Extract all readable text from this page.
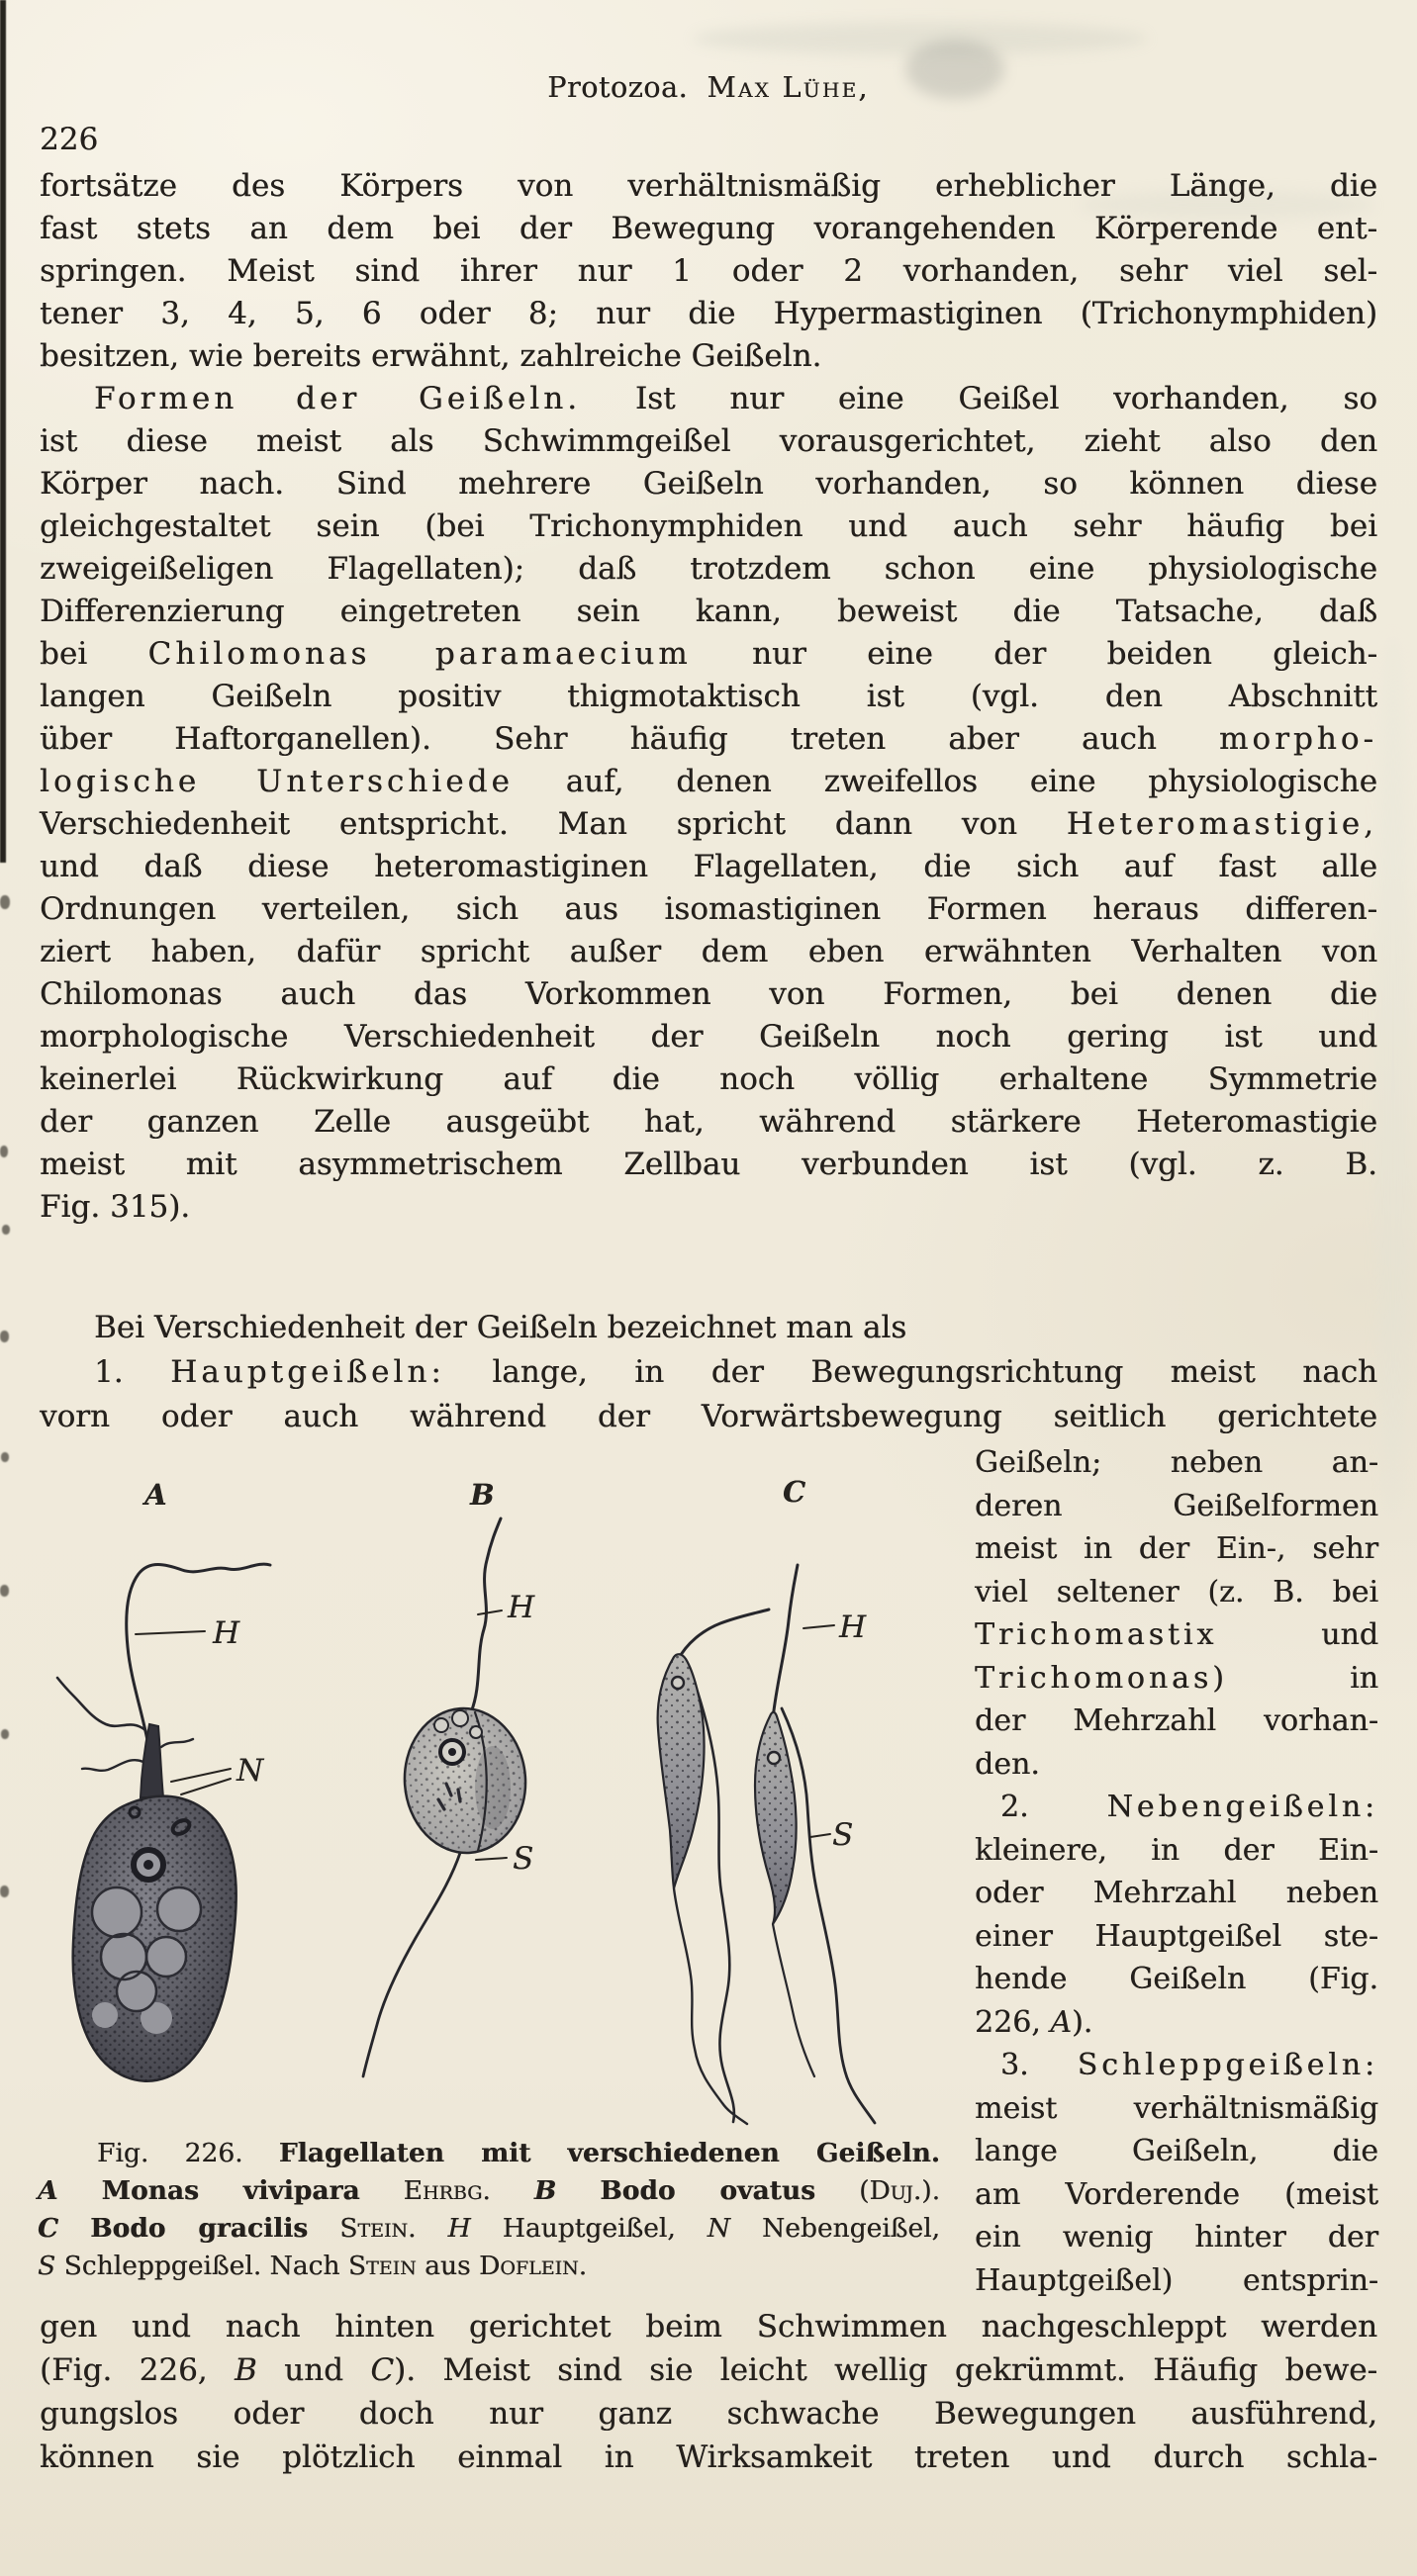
Protozoa. Max Lühe,
226
fortsätze des Körpers von verhältnismäßig erheblicher Länge, die
fast stets an dem bei der Bewegung vorangehenden Körperende ent-
springen. Meist sind ihrer nur 1 oder 2 vorhanden, sehr viel sel-
tener 3, 4, 5, 6 oder 8; nur die Hypermastiginen (Trichonymphiden)
besitzen, wie bereits erwähnt, zahlreiche Geißeln.
Formen der Geißeln. Ist nur eine Geißel vorhanden, so
ist diese meist als Schwimmgeißel vorausgerichtet, zieht also den
Körper nach. Sind mehrere Geißeln vorhanden, so können diese
gleichgestaltet sein (bei Trichonymphiden und auch sehr häufig bei
zweigeißeligen Flagellaten); daß trotzdem schon eine physiologische
Differenzierung eingetreten sein kann, beweist die Tatsache, daß
bei Chilomonas paramaecium nur eine der beiden gleich-
langen Geißeln positiv thigmotaktisch ist (vgl. den Abschnitt
über Haftorganellen). Sehr häufig treten aber auch morpho-
logische Unterschiede auf, denen zweifellos eine physiologische
Verschiedenheit entspricht. Man spricht dann von Heteromastigie,
und daß diese heteromastiginen Flagellaten, die sich auf fast alle
Ordnungen verteilen, sich aus isomastiginen Formen heraus differen-
ziert haben, dafür spricht außer dem eben erwähnten Verhalten von
Chilomonas auch das Vorkommen von Formen, bei denen die
morphologische Verschiedenheit der Geißeln noch gering ist und
keinerlei Rückwirkung auf die noch völlig erhaltene Symmetrie
der ganzen Zelle ausgeübt hat, während stärkere Heteromastigie
meist mit asymmetrischem Zellbau verbunden ist (vgl. z. B.
Fig. 315).
Bei Verschiedenheit der Geißeln bezeichnet man als
1. Hauptgeißeln: lange, in der Bewegungsrichtung meist nach
vorn oder auch während der Vorwärtsbewegung seitlich gerichtete
Geißeln; neben an-
deren Geißelformen
meist in der Ein-, sehr
viel seltener (z. B. bei
Trichomastix und
Trichomonas) in
der Mehrzahl vorhan-
den.
2. Nebengeißeln:
kleinere, in der Ein-
oder Mehrzahl neben
einer Hauptgeißel ste-
hende Geißeln (Fig.
226, A).
3. Schleppgeißeln:
meist verhältnismäßig
lange Geißeln, die
am Vorderende (meist
ein wenig hinter der
Hauptgeißel) entsprin-
Fig. 226. Flagellaten mit verschiedenen Geißeln.
A Monas vivipara Ehrbg. B Bodo ovatus (Duj.).
C Bodo gracilis Stein. H Hauptgeißel, N Nebengeißel,
S Schleppgeißel. Nach Stein aus Doflein.
gen und nach hinten gerichtet beim Schwimmen nachgeschleppt werden
(Fig. 226, B und C). Meist sind sie leicht wellig gekrümmt. Häufig bewe-
gungslos oder doch nur ganz schwache Bewegungen ausführend,
können sie plötzlich einmal in Wirksamkeit treten und durch schla-
A	B	C
H
N
H
S
H
S
